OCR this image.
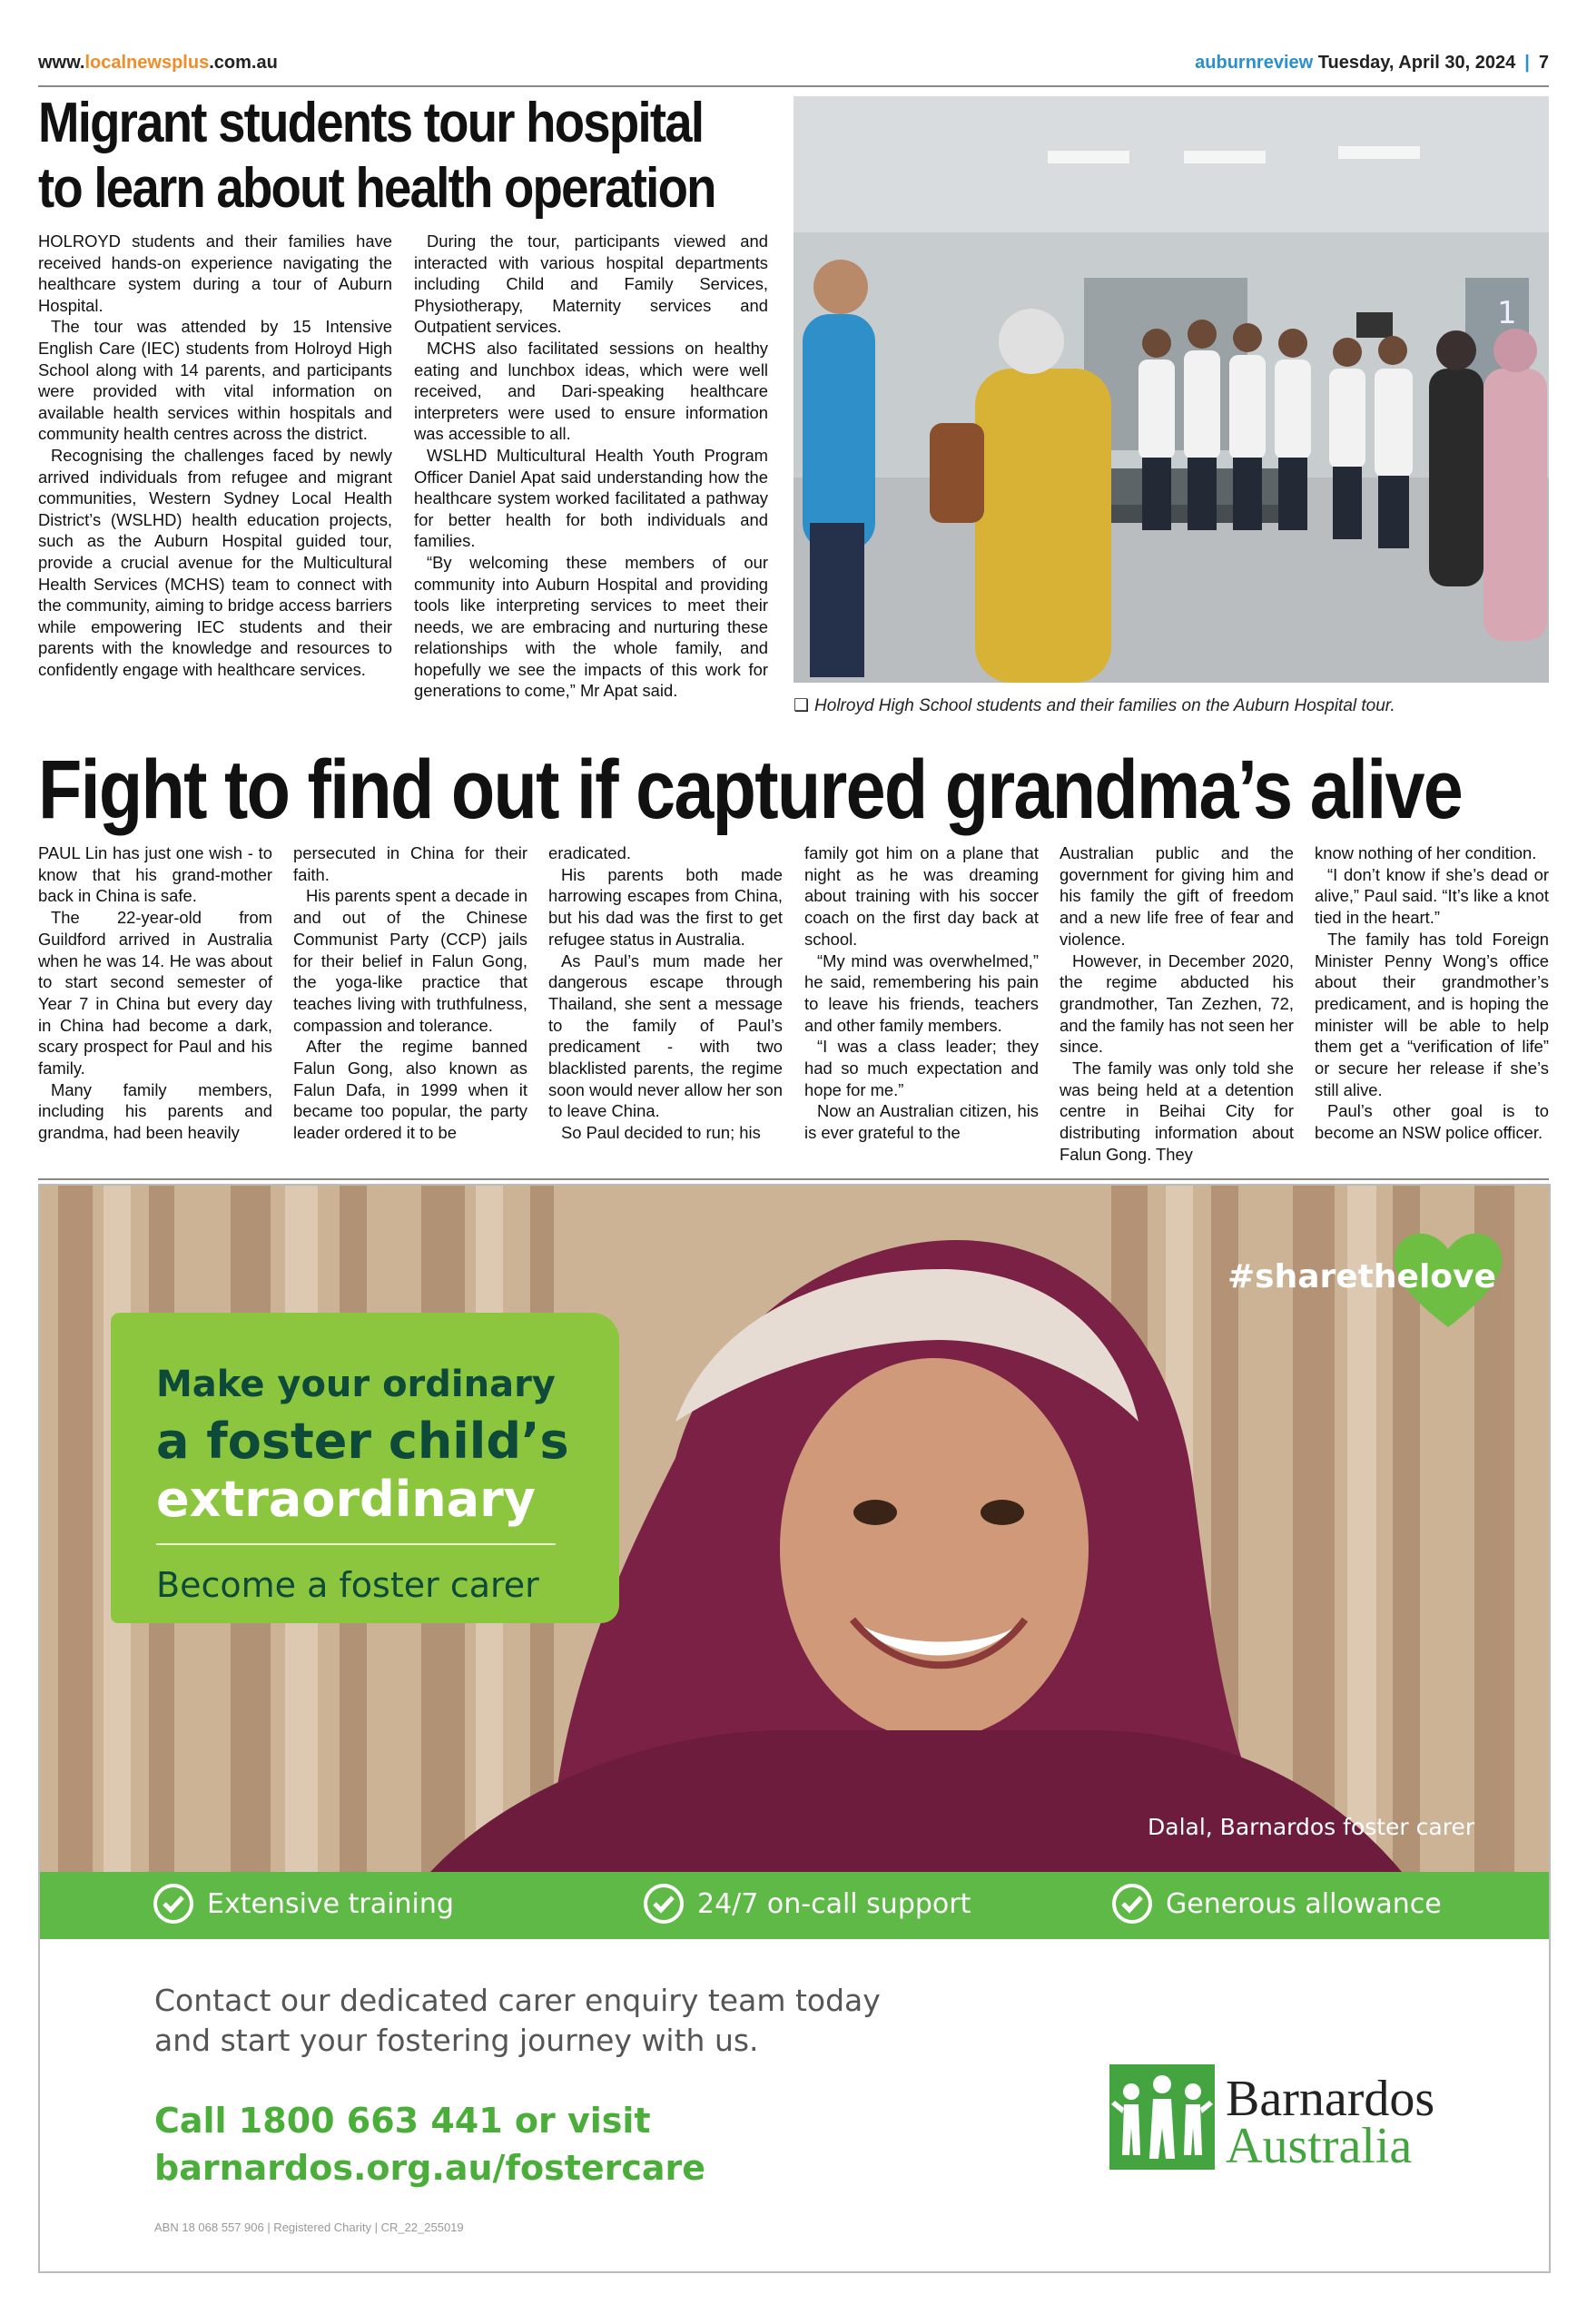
www.localnewsplus.com.au	auburnreview Tuesday, April 30, 2024 | 7
Migrant students tour hospital
to learn about health operation

HOLROYD students and their families have received hands-on experience navigating the healthcare system during a tour of Auburn Hospital.

The tour was attended by 15 Intensive English Care (IEC) students from Holroyd High School along with 14 parents, and participants were provided with vital information on available health services within hospitals and community health centres across the district.

Recognising the challenges faced by newly arrived individuals from refugee and migrant communities, Western Sydney Local Health District’s (WSLHD) health education projects, such as the Auburn Hospital guided tour, provide a crucial avenue for the Multicultural Health Services (MCHS) team to connect with the community, aiming to bridge access barriers while empowering IEC students and their parents with the knowledge and resources to confidently engage with healthcare services.

During the tour, participants viewed and interacted with various hospital departments including Child and Family Services, Physiotherapy, Maternity services and Outpatient services.

MCHS also facilitated sessions on healthy eating and lunchbox ideas, which were well received, and Dari-speaking healthcare interpreters were used to ensure information was accessible to all.

WSLHD Multicultural Health Youth Program Officer Daniel Apat said understanding how the healthcare system worked facilitated a pathway for better health for both individuals and families.

“By welcoming these members of our community into Auburn Hospital and providing tools like interpreting services to meet their needs, we are embracing and nurturing these relationships with the whole family, and hopefully we see the impacts of this work for generations to come,” Mr Apat said.

1
❑ Holroyd High School students and their families on the Auburn Hospital tour.
Fight to find out if captured grandma’s alive

PAUL Lin has just one wish - to know that his grand-mother back in China is safe.

The 22-year-old from Guildford arrived in Australia when he was 14. He was about to start second semester of Year 7 in China but every day in China had become a dark, scary prospect for Paul and his family.

Many family members, including his parents and grandma, had been heavily

persecuted in China for their faith.

His parents spent a decade in and out of the Chinese Communist Party (CCP) jails for their belief in Falun Gong, the yoga-like practice that teaches living with truthfulness, compassion and tolerance.

After the regime banned Falun Gong, also known as Falun Dafa, in 1999 when it became too popular, the party leader ordered it to be

eradicated.

His parents both made harrowing escapes from China, but his dad was the first to get refugee status in Australia.

As Paul’s mum made her dangerous escape through Thailand, she sent a message to the family of Paul’s predicament - with two blacklisted parents, the regime soon would never allow her son to leave China.

So Paul decided to run; his

family got him on a plane that night as he was dreaming about training with his soccer coach on the first day back at school.

“My mind was overwhelmed,” he said, remembering his pain to leave his friends, teachers and other family members.

“I was a class leader; they had so much expectation and hope for me.”

Now an Australian citizen, his is ever grateful to the

Australian public and the government for giving him and his family the gift of freedom and a new life free of fear and violence.

However, in December 2020, the regime abducted his grandmother, Tan Zezhen, 72, and the family has not seen her since.

The family was only told she was being held at a detention centre in Beihai City for distributing information about Falun Gong. They

know nothing of her condition.

“I don’t know if she’s dead or alive,” Paul said. “It’s like a knot tied in the heart.”

The family has told Foreign Minister Penny Wong’s office about their grandmother’s predicament, and is hoping the minister will be able to help them get a “verification of life” or secure her release if she’s still alive.

Paul’s other goal is to become an NSW police officer.

Make your ordinary
a foster child’s
extraordinary
Become a foster carer
#sharethelove
Dalal, Barnardos foster carer
Extensive training	24/7 on-call support	Generous allowance
Contact our dedicated carer enquiry team today
and start your fostering journey with us.
Call 1800 663 441 or visit
barnardos.org.au/fostercare
ABN 18 068 557 906 | Registered Charity | CR_22_255019
Barnardos
Australia
